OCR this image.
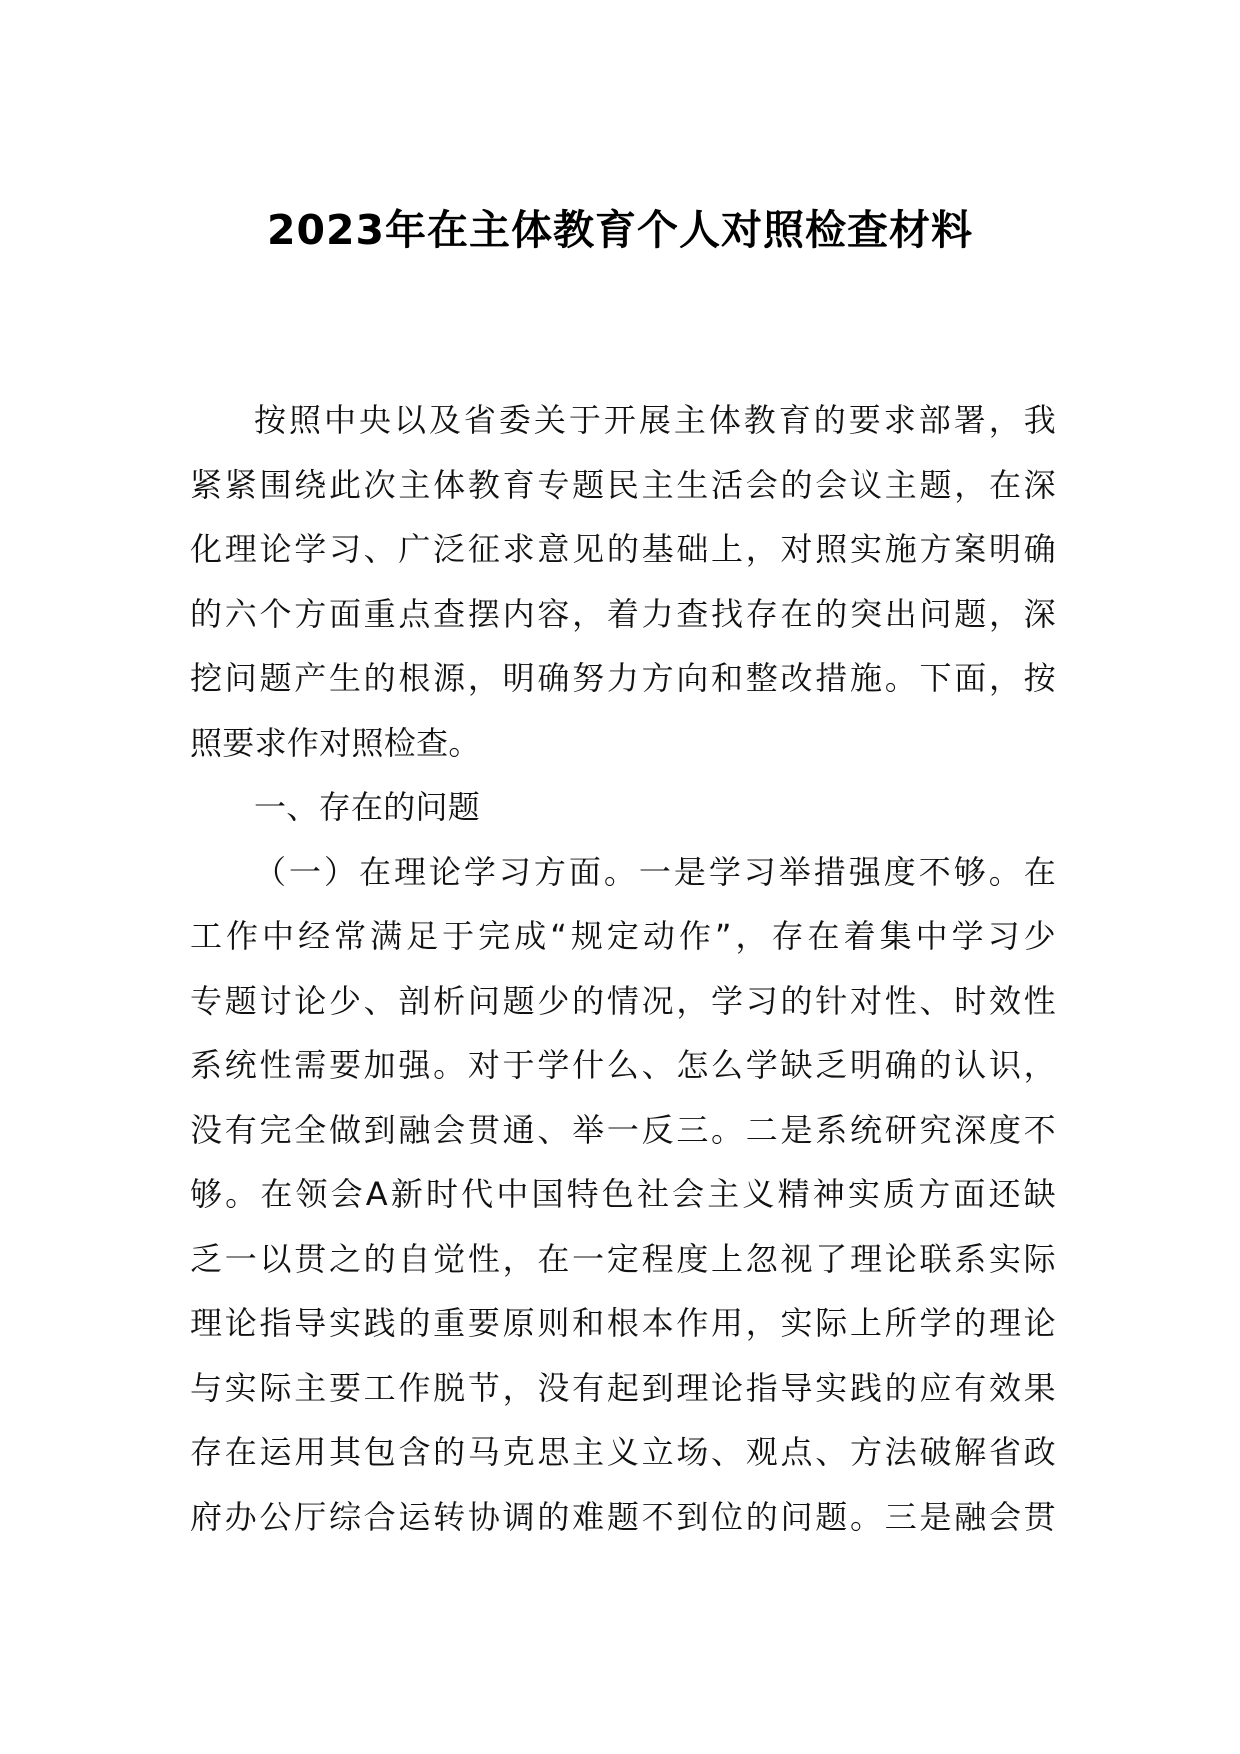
2023年在主体教育个人对照检查材料
按照中央以及省委关于开展主体教育的要求部署，我
紧紧围绕此次主体教育专题民主生活会的会议主题，在深
化理论学习、广泛征求意见的基础上，对照实施方案明确
的六个方面重点查摆内容，着力查找存在的突出问题，深
挖问题产生的根源，明确努力方向和整改措施。下面，按
照要求作对照检查。
一、存在的问题
（一）在理论学习方面。一是学习举措强度不够。在
工作中经常满足于完成“规定动作”，存在着集中学习少
专题讨论少、剖析问题少的情况，学习的针对性、时效性
系统性需要加强。对于学什么、怎么学缺乏明确的认识，
没有完全做到融会贯通、举一反三。二是系统研究深度不
够。在领会A新时代中国特色社会主义精神实质方面还缺
乏一以贯之的自觉性，在一定程度上忽视了理论联系实际
理论指导实践的重要原则和根本作用，实际上所学的理论
与实际主要工作脱节，没有起到理论指导实践的应有效果
存在运用其包含的马克思主义立场、观点、方法破解省政
府办公厅综合运转协调的难题不到位的问题。三是融会贯
